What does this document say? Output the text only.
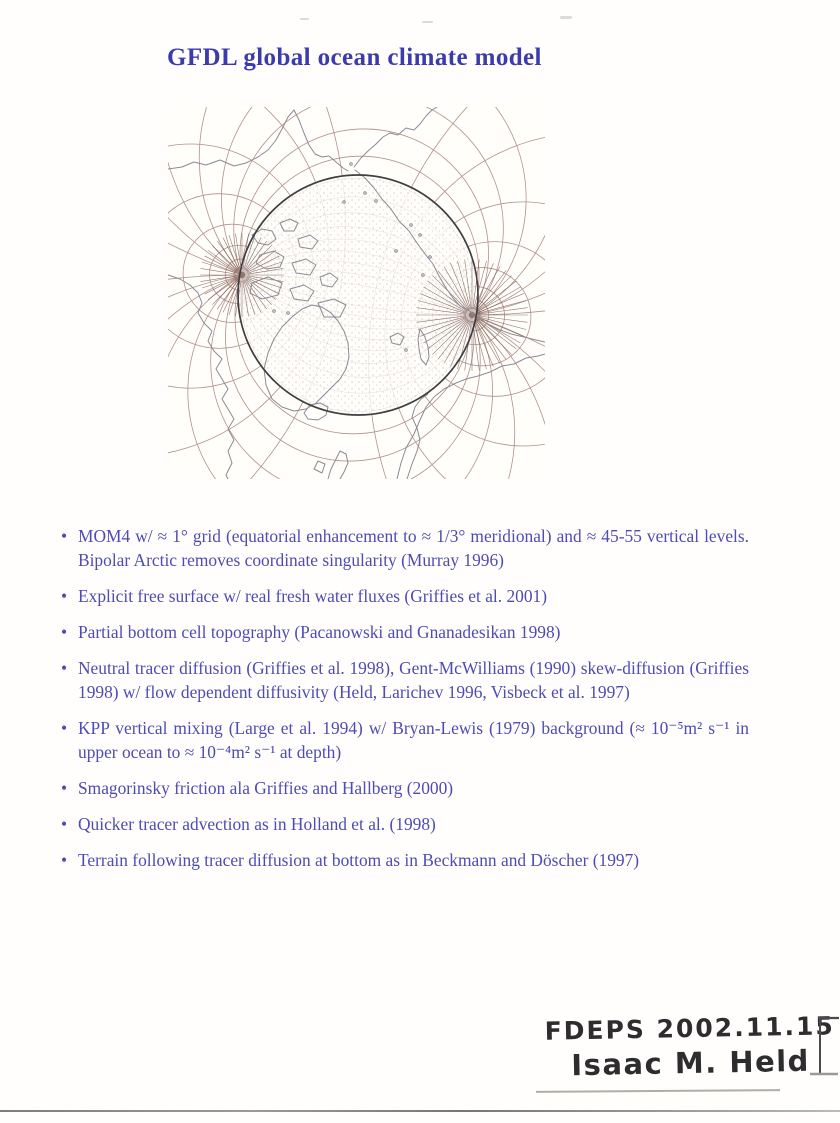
GFDL global ocean climate model
• MOM4 w/ ≈ 1° grid (equatorial enhancement to ≈ 1/3° meridional) and ≈ 45-55 vertical levels. Bipolar Arctic removes coordinate singularity (Murray 1996)
• Explicit free surface w/ real fresh water fluxes (Griffies et al. 2001)
• Partial bottom cell topography (Pacanowski and Gnanadesikan 1998)
• Neutral tracer diffusion (Griffies et al. 1998), Gent-McWilliams (1990) skew-diffusion (Griffies 1998) w/ flow dependent diffusivity (Held, Larichev 1996, Visbeck et al. 1997)
• KPP vertical mixing (Large et al. 1994) w/ Bryan-Lewis (1979) background (≈ 10⁻⁵m² s⁻¹ in upper ocean to ≈ 10⁻⁴m² s⁻¹ at depth)
• Smagorinsky friction ala Griffies and Hallberg (2000)
• Quicker tracer advection as in Holland et al. (1998)
• Terrain following tracer diffusion at bottom as in Beckmann and Döscher (1997)
FDEPS 2002.11.15
Isaac M. Held
